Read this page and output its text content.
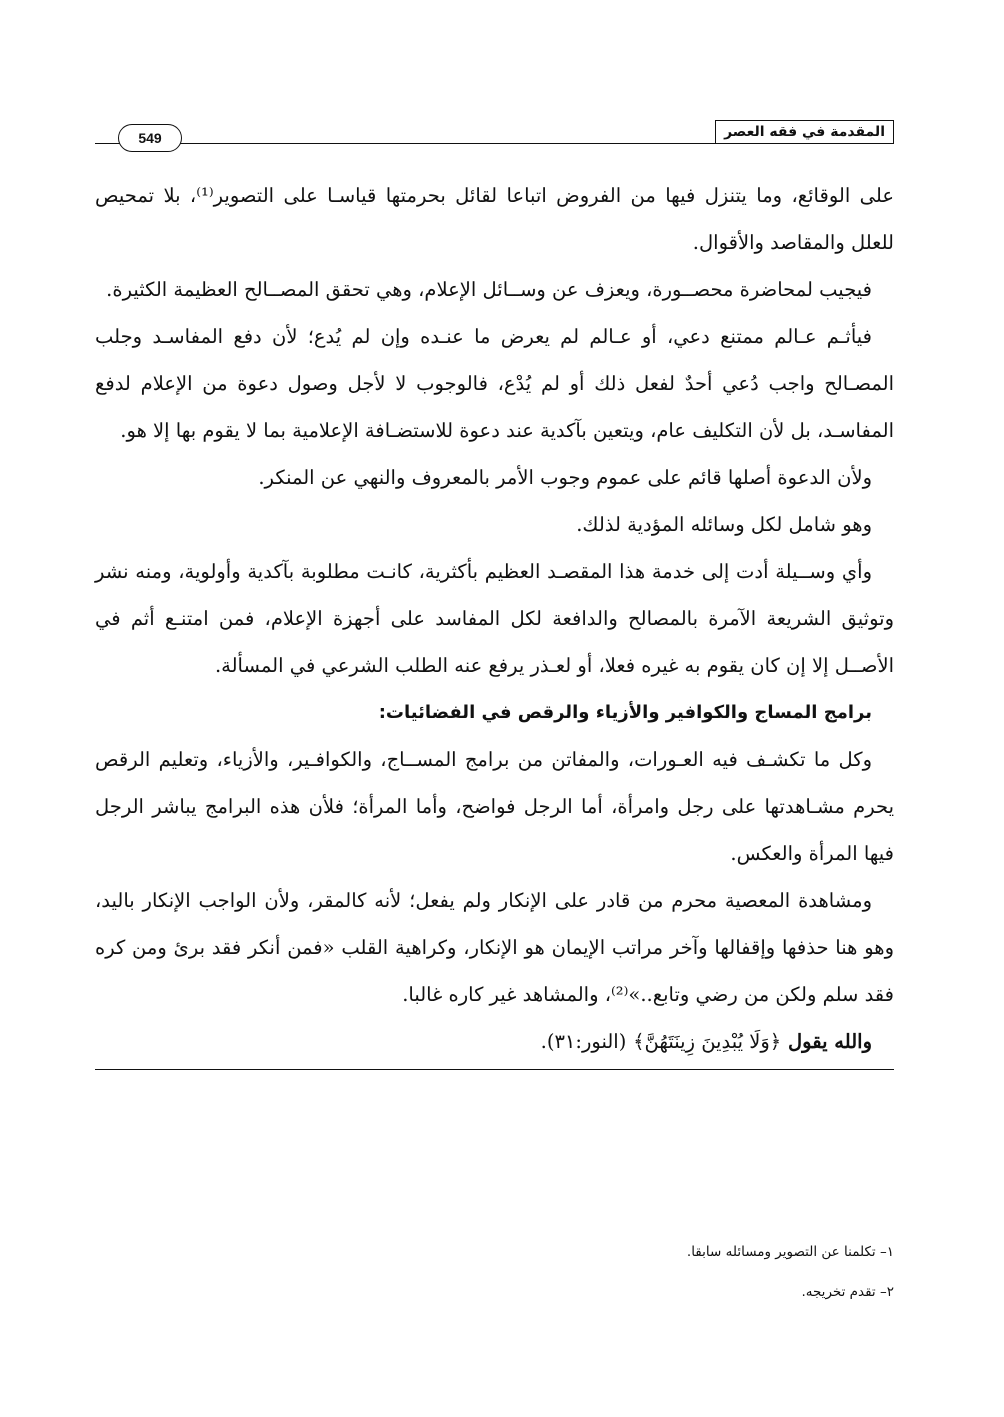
المقدمة في فقه العصر
549

على الوقائع، وما يتنزل فيها من الفروض اتباعا لقائل بحرمتها قياسـا على التصوير⁽¹⁾، بلا تمحيص للعلل والمقاصد والأقوال.

فيجيب لمحاضرة محصــورة، ويعزف عن وســائل الإعلام، وهي تحقق المصــالح العظيمة الكثيرة.

فيأثـم عـالم ممتنع دعي، أو عـالم لم يعرض ما عنـده وإن لم يُدع؛ لأن دفع المفاسـد وجلب المصـالح واجب دُعي أحدٌ لفعل ذلك أو لم يُدْع، فالوجوب لا لأجل وصول دعوة من الإعلام لدفع المفاسـد، بل لأن التكليف عام، ويتعين بآكدية عند دعوة للاستضـافة الإعلامية بما لا يقوم بها إلا هو.

ولأن الدعوة أصلها قائم على عموم وجوب الأمر بالمعروف والنهي عن المنكر.

وهو شامل لكل وسائله المؤدية لذلك.

وأي وســيلة أدت إلى خدمة هذا المقصـد العظيم بأكثرية، كانـت مطلوبة بآكدية وأولوية، ومنه نشر وتوثيق الشريعة الآمرة بالمصالح والدافعة لكل المفاسد على أجهزة الإعلام، فمن امتنـع أثم في الأصــل إلا إن كان يقوم به غيره فعلا، أو لعـذر يرفع عنه الطلب الشرعي في المسألة.

برامج المساج والكوافير والأزياء والرقص في الفضائيات:

وكل ما تكشـف فيه العـورات، والمفاتن من برامج المســاج، والكوافـير، والأزياء، وتعليم الرقص يحرم مشـاهدتها على رجل وامرأة، أما الرجل فواضح، وأما المرأة؛ فلأن هذه البرامج يباشر الرجل فيها المرأة والعكس.

ومشاهدة المعصية محرم من قادر على الإنكار ولم يفعل؛ لأنه كالمقر، ولأن الواجب الإنكار باليد، وهو هنا حذفها وإقفالها وآخر مراتب الإيمان هو الإنكار، وكراهية القلب «فمن أنكر فقد برئ ومن كره فقد سلم ولكن من رضي وتابع..»⁽²⁾، والمشاهد غير كاره غالبا.

والله يقول ﴿وَلَا يُبْدِينَ زِينَتَهُنَّ﴾ (النور:٣١).

١– تكلمنا عن التصوير ومسائله سابقا.

٢– تقدم تخريجه.
